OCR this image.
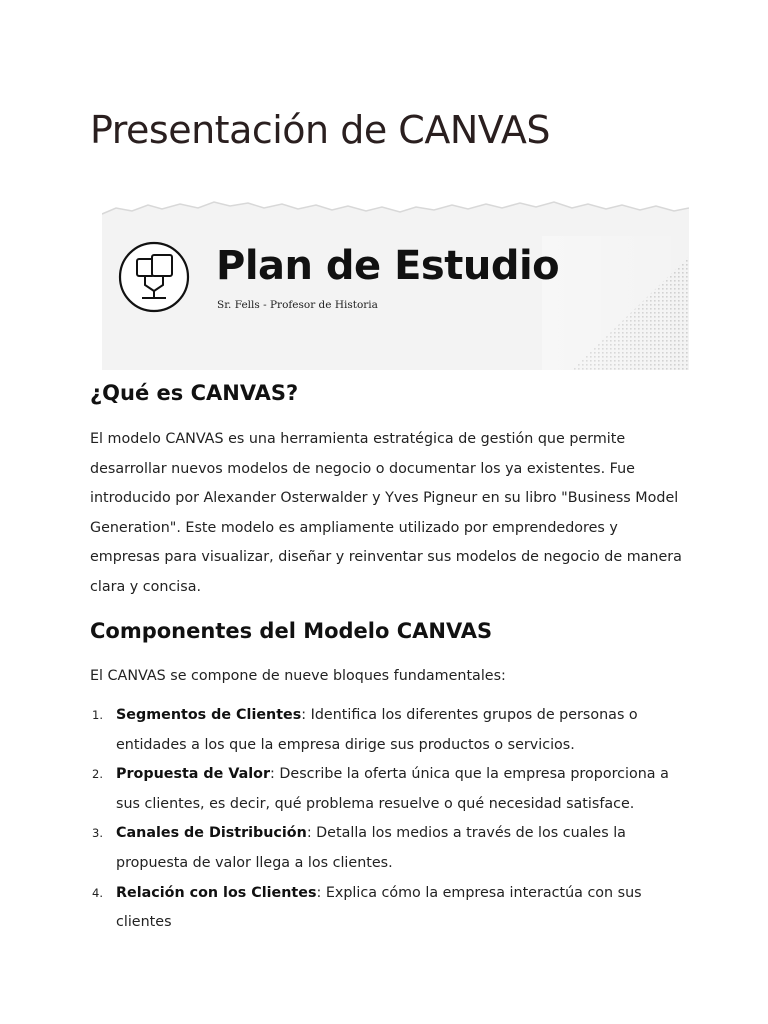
Presentación de CANVAS
Plan de Estudio
Sr. Fells - Profesor de Historia
¿Qué es CANVAS?

El modelo CANVAS es una herramienta estratégica de gestión que permite desarrollar nuevos modelos de negocio o documentar los ya existentes. Fue introducido por Alexander Osterwalder y Yves Pigneur en su libro "Business Model Generation". Este modelo es ampliamente utilizado por emprendedores y empresas para visualizar, diseñar y reinventar sus modelos de negocio de manera clara y concisa.

Componentes del Modelo CANVAS

El CANVAS se compone de nueve bloques fundamentales:

1. Segmentos de Clientes: Identifica los diferentes grupos de personas o entidades a los que la empresa dirige sus productos o servicios.
2. Propuesta de Valor: Describe la oferta única que la empresa proporciona a sus clientes, es decir, qué problema resuelve o qué necesidad satisface.
3. Canales de Distribución: Detalla los medios a través de los cuales la propuesta de valor llega a los clientes.
4. Relación con los Clientes: Explica cómo la empresa interactúa con sus clientes
